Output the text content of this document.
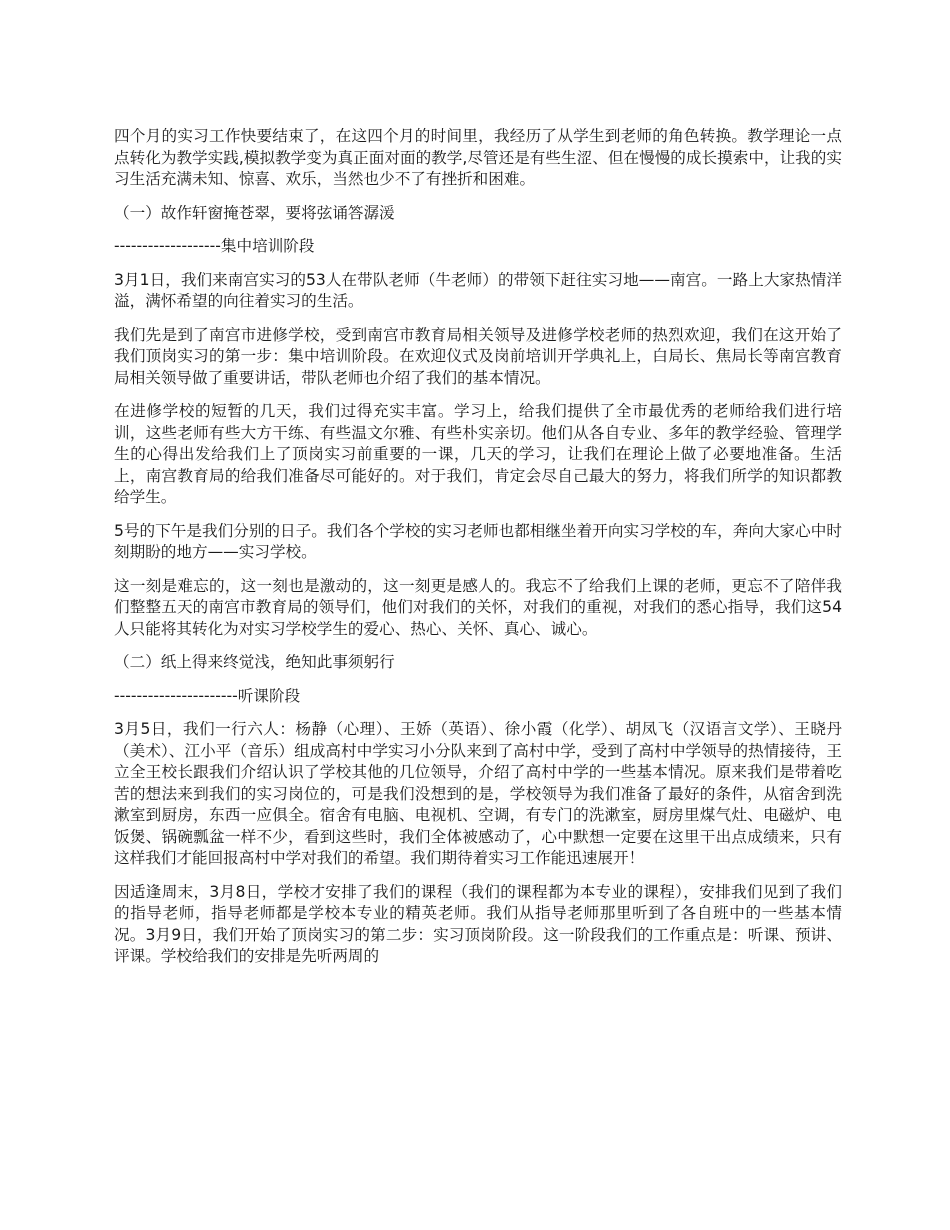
四个月的实习工作快要结束了，在这四个月的时间里，我经历了从学生到老师的角色转换。教学理论一点点转化为教学实践,模拟教学变为真正面对面的教学,尽管还是有些生涩、但在慢慢的成长摸索中，让我的实习生活充满未知、惊喜、欢乐，当然也少不了有挫折和困难。

（一）故作轩窗掩苍翠，要将弦诵答潺湲

-------------------集中培训阶段

3月1日，我们来南宫实习的53人在带队老师（牛老师）的带领下赶往实习地——南宫。一路上大家热情洋溢，满怀希望的向往着实习的生活。

我们先是到了南宫市进修学校，受到南宫市教育局相关领导及进修学校老师的热烈欢迎，我们在这开始了我们顶岗实习的第一步：集中培训阶段。在欢迎仪式及岗前培训开学典礼上，白局长、焦局长等南宫教育局相关领导做了重要讲话，带队老师也介绍了我们的基本情况。

在进修学校的短暂的几天，我们过得充实丰富。学习上，给我们提供了全市最优秀的老师给我们进行培训，这些老师有些大方干练、有些温文尔雅、有些朴实亲切。他们从各自专业、多年的教学经验、管理学生的心得出发给我们上了顶岗实习前重要的一课，几天的学习，让我们在理论上做了必要地准备。生活上，南宫教育局的给我们准备尽可能好的。对于我们，肯定会尽自己最大的努力，将我们所学的知识都教给学生。

5号的下午是我们分别的日子。我们各个学校的实习老师也都相继坐着开向实习学校的车，奔向大家心中时刻期盼的地方——实习学校。

这一刻是难忘的，这一刻也是激动的，这一刻更是感人的。我忘不了给我们上课的老师，更忘不了陪伴我们整整五天的南宫市教育局的领导们，他们对我们的关怀，对我们的重视，对我们的悉心指导，我们这54人只能将其转化为对实习学校学生的爱心、热心、关怀、真心、诚心。

（二）纸上得来终觉浅，绝知此事须躬行

----------------------听课阶段

3月5日，我们一行六人：杨静（心理）、王娇（英语）、徐小霞（化学）、胡凤飞（汉语言文学）、王晓丹（美术）、江小平（音乐）组成高村中学实习小分队来到了高村中学，受到了高村中学领导的热情接待，王立全王校长跟我们介绍认识了学校其他的几位领导，介绍了高村中学的一些基本情况。原来我们是带着吃苦的想法来到我们的实习岗位的，可是我们没想到的是，学校领导为我们准备了最好的条件，从宿舍到洗漱室到厨房，东西一应俱全。宿舍有电脑、电视机、空调，有专门的洗漱室，厨房里煤气灶、电磁炉、电饭煲、锅碗瓢盆一样不少，看到这些时，我们全体被感动了，心中默想一定要在这里干出点成绩来，只有这样我们才能回报高村中学对我们的希望。我们期待着实习工作能迅速展开！

因适逢周末，3月8日，学校才安排了我们的课程（我们的课程都为本专业的课程），安排我们见到了我们的指导老师，指导老师都是学校本专业的精英老师。我们从指导老师那里听到了各自班中的一些基本情况。3月9日，我们开始了顶岗实习的第二步：实习顶岗阶段。这一阶段我们的工作重点是：听课、预讲、评课。学校给我们的安排是先听两周的
